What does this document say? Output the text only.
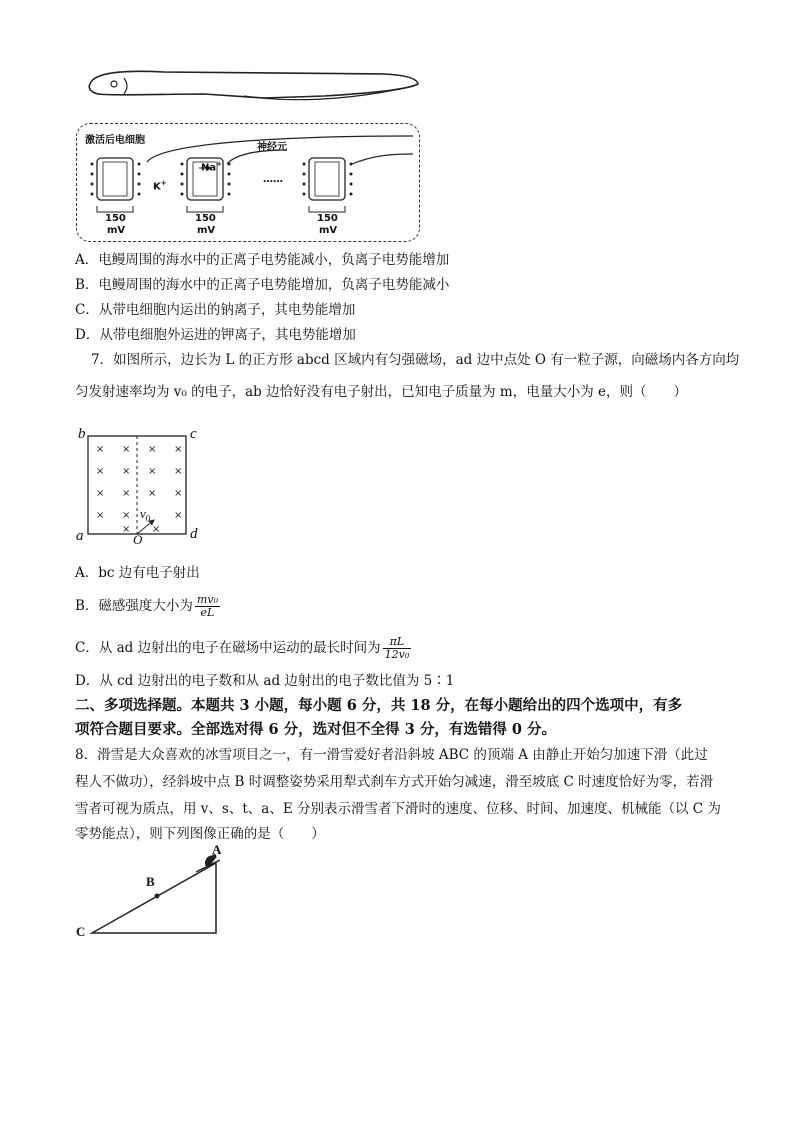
激活后电细胞
神经元
Na+
K+	……
150
mV
150
mV
150
mV
A．电鳗周围的海水中的正离子电势能减小，负离子电势能增加
B．电鳗周围的海水中的正离子电势能增加，负离子电势能减小
C．从带电细胞内运出的钠离子，其电势能增加
D．从带电细胞外运进的钾离子，其电势能增加
7．如图所示，边长为 L 的正方形 abcd 区域内有匀强磁场，ad 边中点处 O 有一粒子源，向磁场内各方向均
匀发射速率均为 v₀ 的电子，ab 边恰好没有电子射出，已知电子质量为 m，电量大小为 e，则（　　）
× × × ×
× × × ×
× × × ×
× ×	×
× ×
b	c
a	d
O
$v_0$
A．bc 边有电子射出
B．磁感强度大小为 $\frac{\text{mv₀}}{eL}$
C．从 ad 边射出的电子在磁场中运动的最长时间为 $\frac{\pi L}{\text{12v₀}}$
D．从 cd 边射出的电子数和从 ad 边射出的电子数比值为 5∶1
二、多项选择题。本题共 3 小题，每小题 6 分，共 18 分，在每小题给出的四个选项中，有多
项符合题目要求。全部选对得 6 分，选对但不全得 3 分，有选错得 0 分。
8．滑雪是大众喜欢的冰雪项目之一，有一滑雪爱好者沿斜坡 ABC 的顶端 A 由静止开始匀加速下滑（此过
程人不做功），经斜坡中点 B 时调整姿势采用犁式刹车方式开始匀减速，滑至坡底 C 时速度恰好为零，若滑
雪者可视为质点，用 v、s、t、a、E 分别表示滑雪者下滑时的速度、位移、时间、加速度、机械能（以 C 为
零势能点），则下列图像正确的是（　　）
A
B
C
